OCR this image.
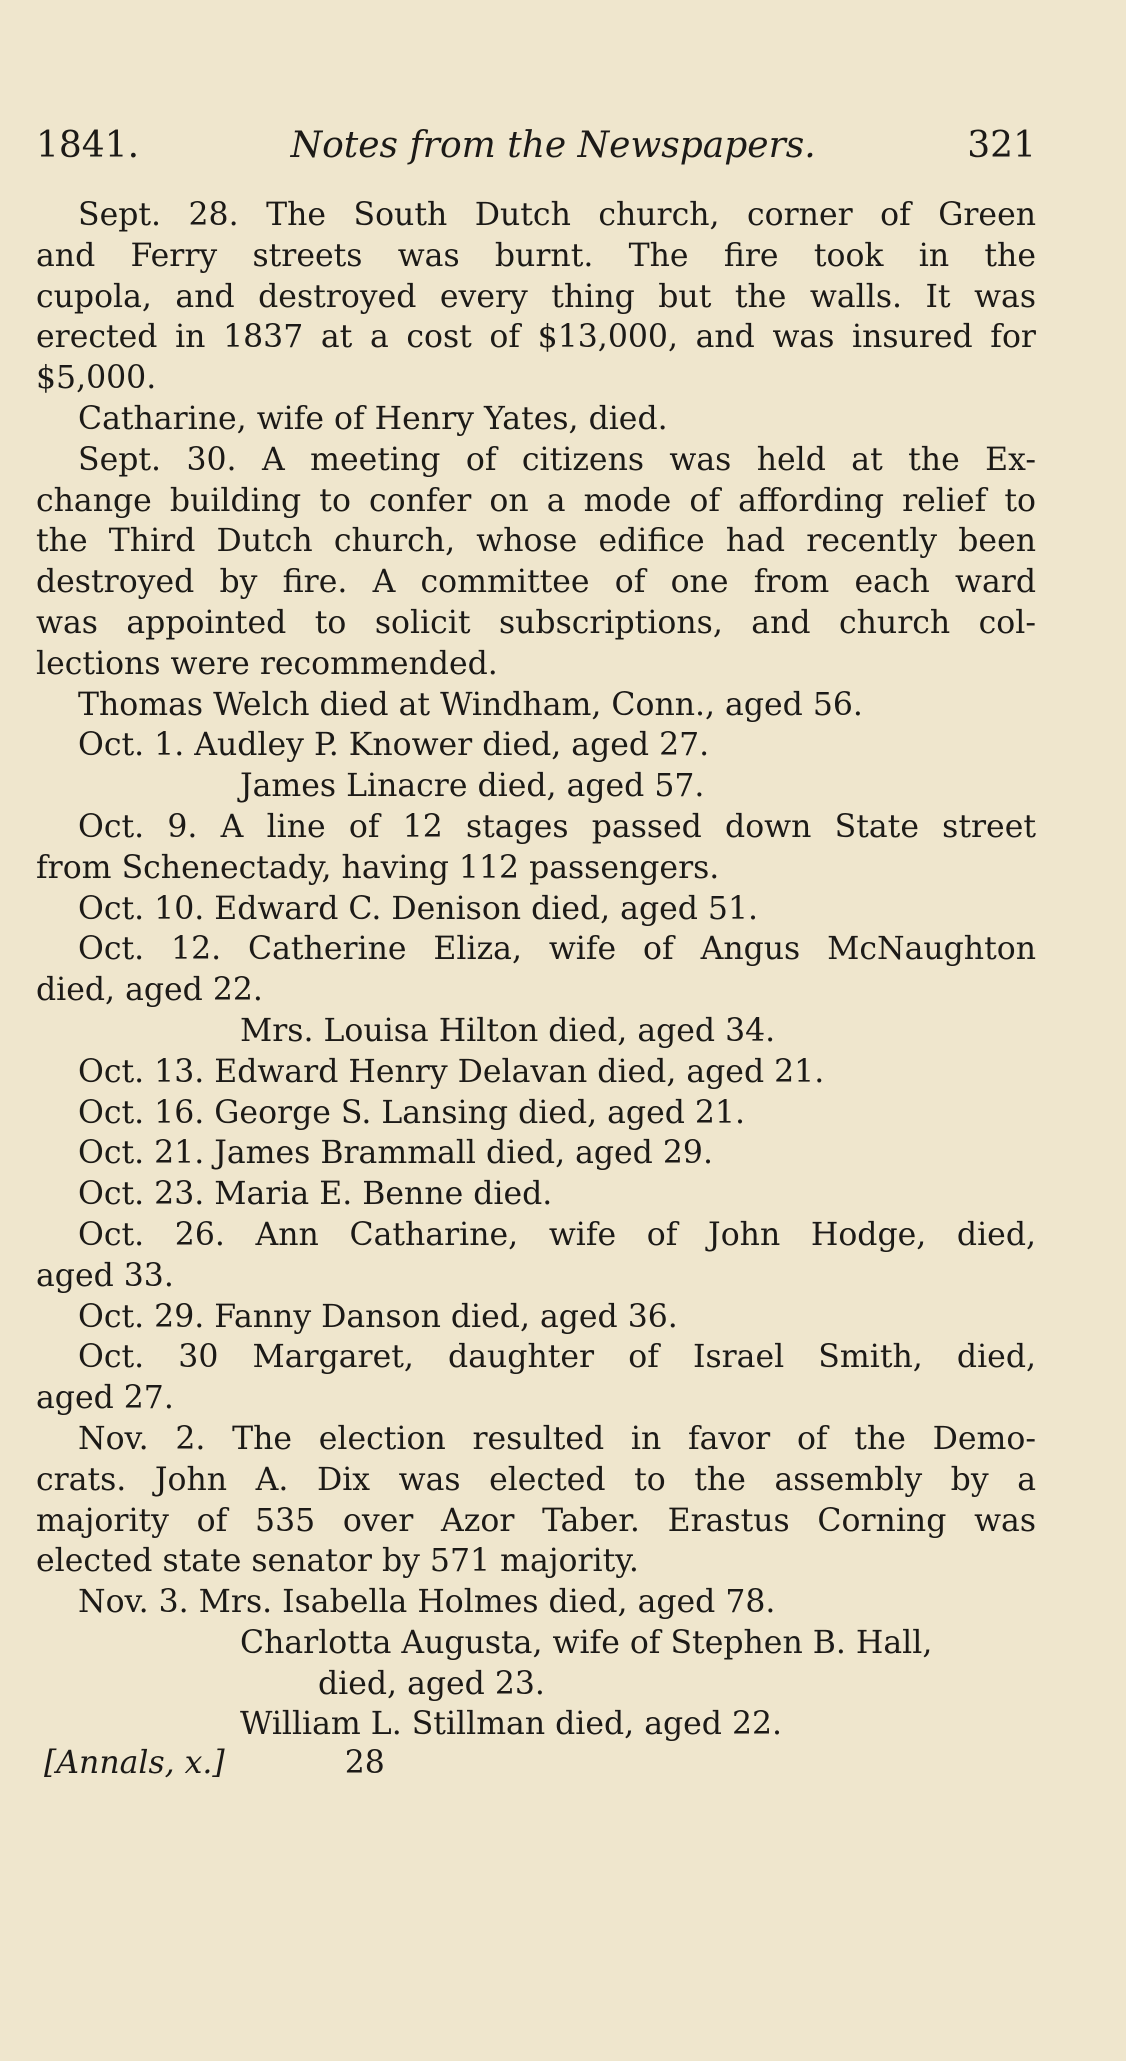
1841.	Notes from the Newspapers.	321
Sept. 28. The South Dutch church, corner of Green
and Ferry streets was burnt. The fire took in the
cupola, and destroyed every thing but the walls. It was
erected in 1837 at a cost of $13,000, and was insured for
$5,000.
Catharine, wife of Henry Yates, died.
Sept. 30. A meeting of citizens was held at the Ex-
change building to confer on a mode of affording relief to
the Third Dutch church, whose edifice had recently been
destroyed by fire. A committee of one from each ward
was appointed to solicit subscriptions, and church col-
lections were recommended.
Thomas Welch died at Windham, Conn., aged 56.
Oct. 1. Audley P. Knower died, aged 27.
James Linacre died, aged 57.
Oct. 9. A line of 12 stages passed down State street
from Schenectady, having 112 passengers.
Oct. 10. Edward C. Denison died, aged 51.
Oct. 12. Catherine Eliza, wife of Angus McNaughton
died, aged 22.
Mrs. Louisa Hilton died, aged 34.
Oct. 13. Edward Henry Delavan died, aged 21.
Oct. 16. George S. Lansing died, aged 21.
Oct. 21. James Brammall died, aged 29.
Oct. 23. Maria E. Benne died.
Oct. 26. Ann Catharine, wife of John Hodge, died,
aged 33.
Oct. 29. Fanny Danson died, aged 36.
Oct. 30 Margaret, daughter of Israel Smith, died,
aged 27.
Nov. 2. The election resulted in favor of the Demo-
crats. John A. Dix was elected to the assembly by a
majority of 535 over Azor Taber. Erastus Corning was
elected state senator by 571 majority.
Nov. 3. Mrs. Isabella Holmes died, aged 78.
Charlotta Augusta, wife of Stephen B. Hall,
died, aged 23.
William L. Stillman died, aged 22.
[Annals, x.]	28
